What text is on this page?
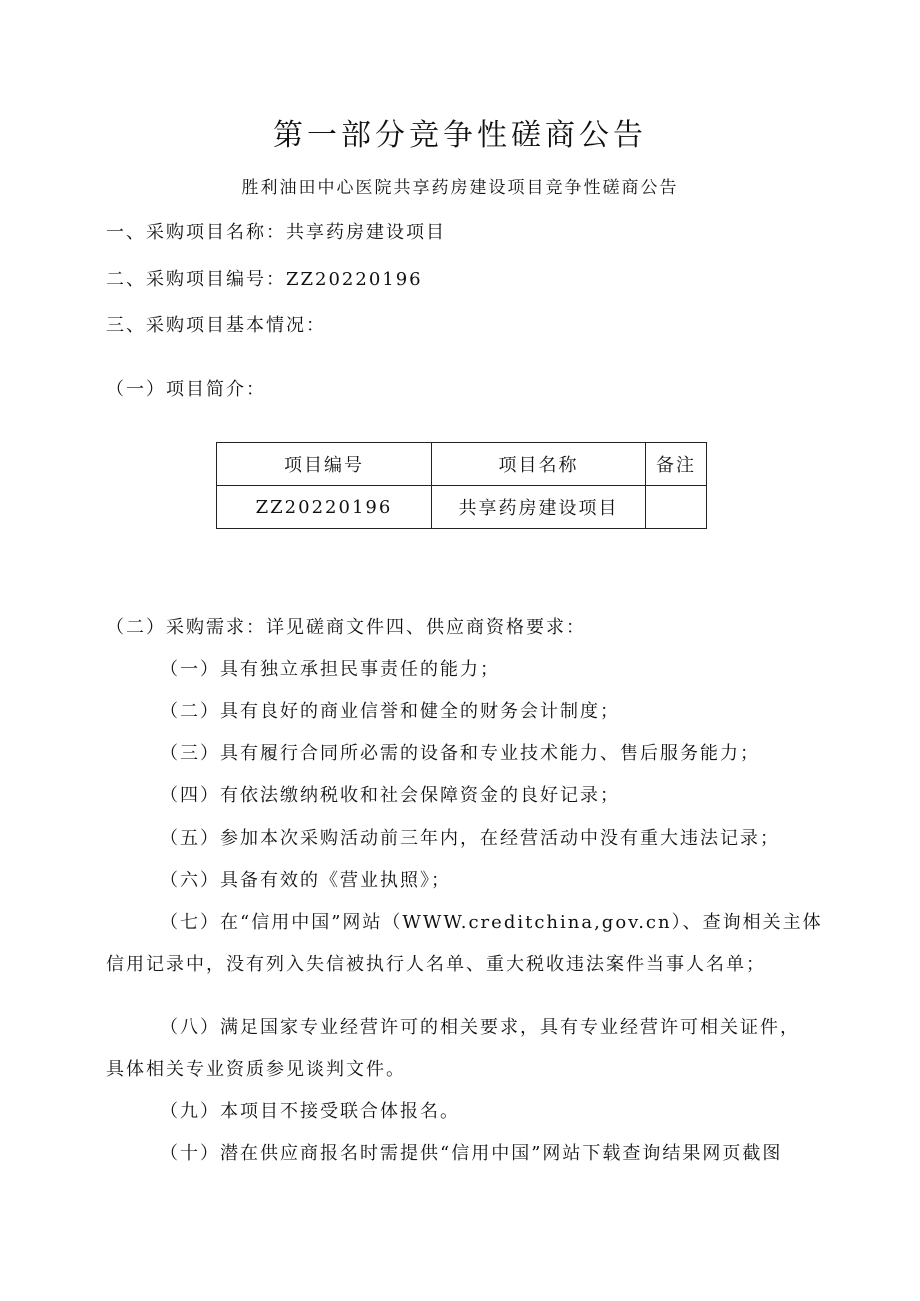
第一部分竞争性磋商公告
胜利油田中心医院共享药房建设项目竞争性磋商公告
一、采购项目名称：共享药房建设项目
二、采购项目编号：ZZ20220196
三、采购项目基本情况：
（一）项目简介：
项目编号	项目名称	备注
ZZ20220196	共享药房建设项目	
（二）采购需求：详见磋商文件四、供应商资格要求：
（一）具有独立承担民事责任的能力；
（二）具有良好的商业信誉和健全的财务会计制度；
（三）具有履行合同所必需的设备和专业技术能力、售后服务能力；
（四）有依法缴纳税收和社会保障资金的良好记录；
（五）参加本次采购活动前三年内，在经营活动中没有重大违法记录；
（六）具备有效的《营业执照》；
（七）在“信用中国”网站（WWW.creditchina,gov.cn）、查询相关主体
信用记录中，没有列入失信被执行人名单、重大税收违法案件当事人名单；
（八）满足国家专业经营许可的相关要求，具有专业经营许可相关证件，
具体相关专业资质参见谈判文件。
（九）本项目不接受联合体报名。
（十）潜在供应商报名时需提供“信用中国”网站下载查询结果网页截图
